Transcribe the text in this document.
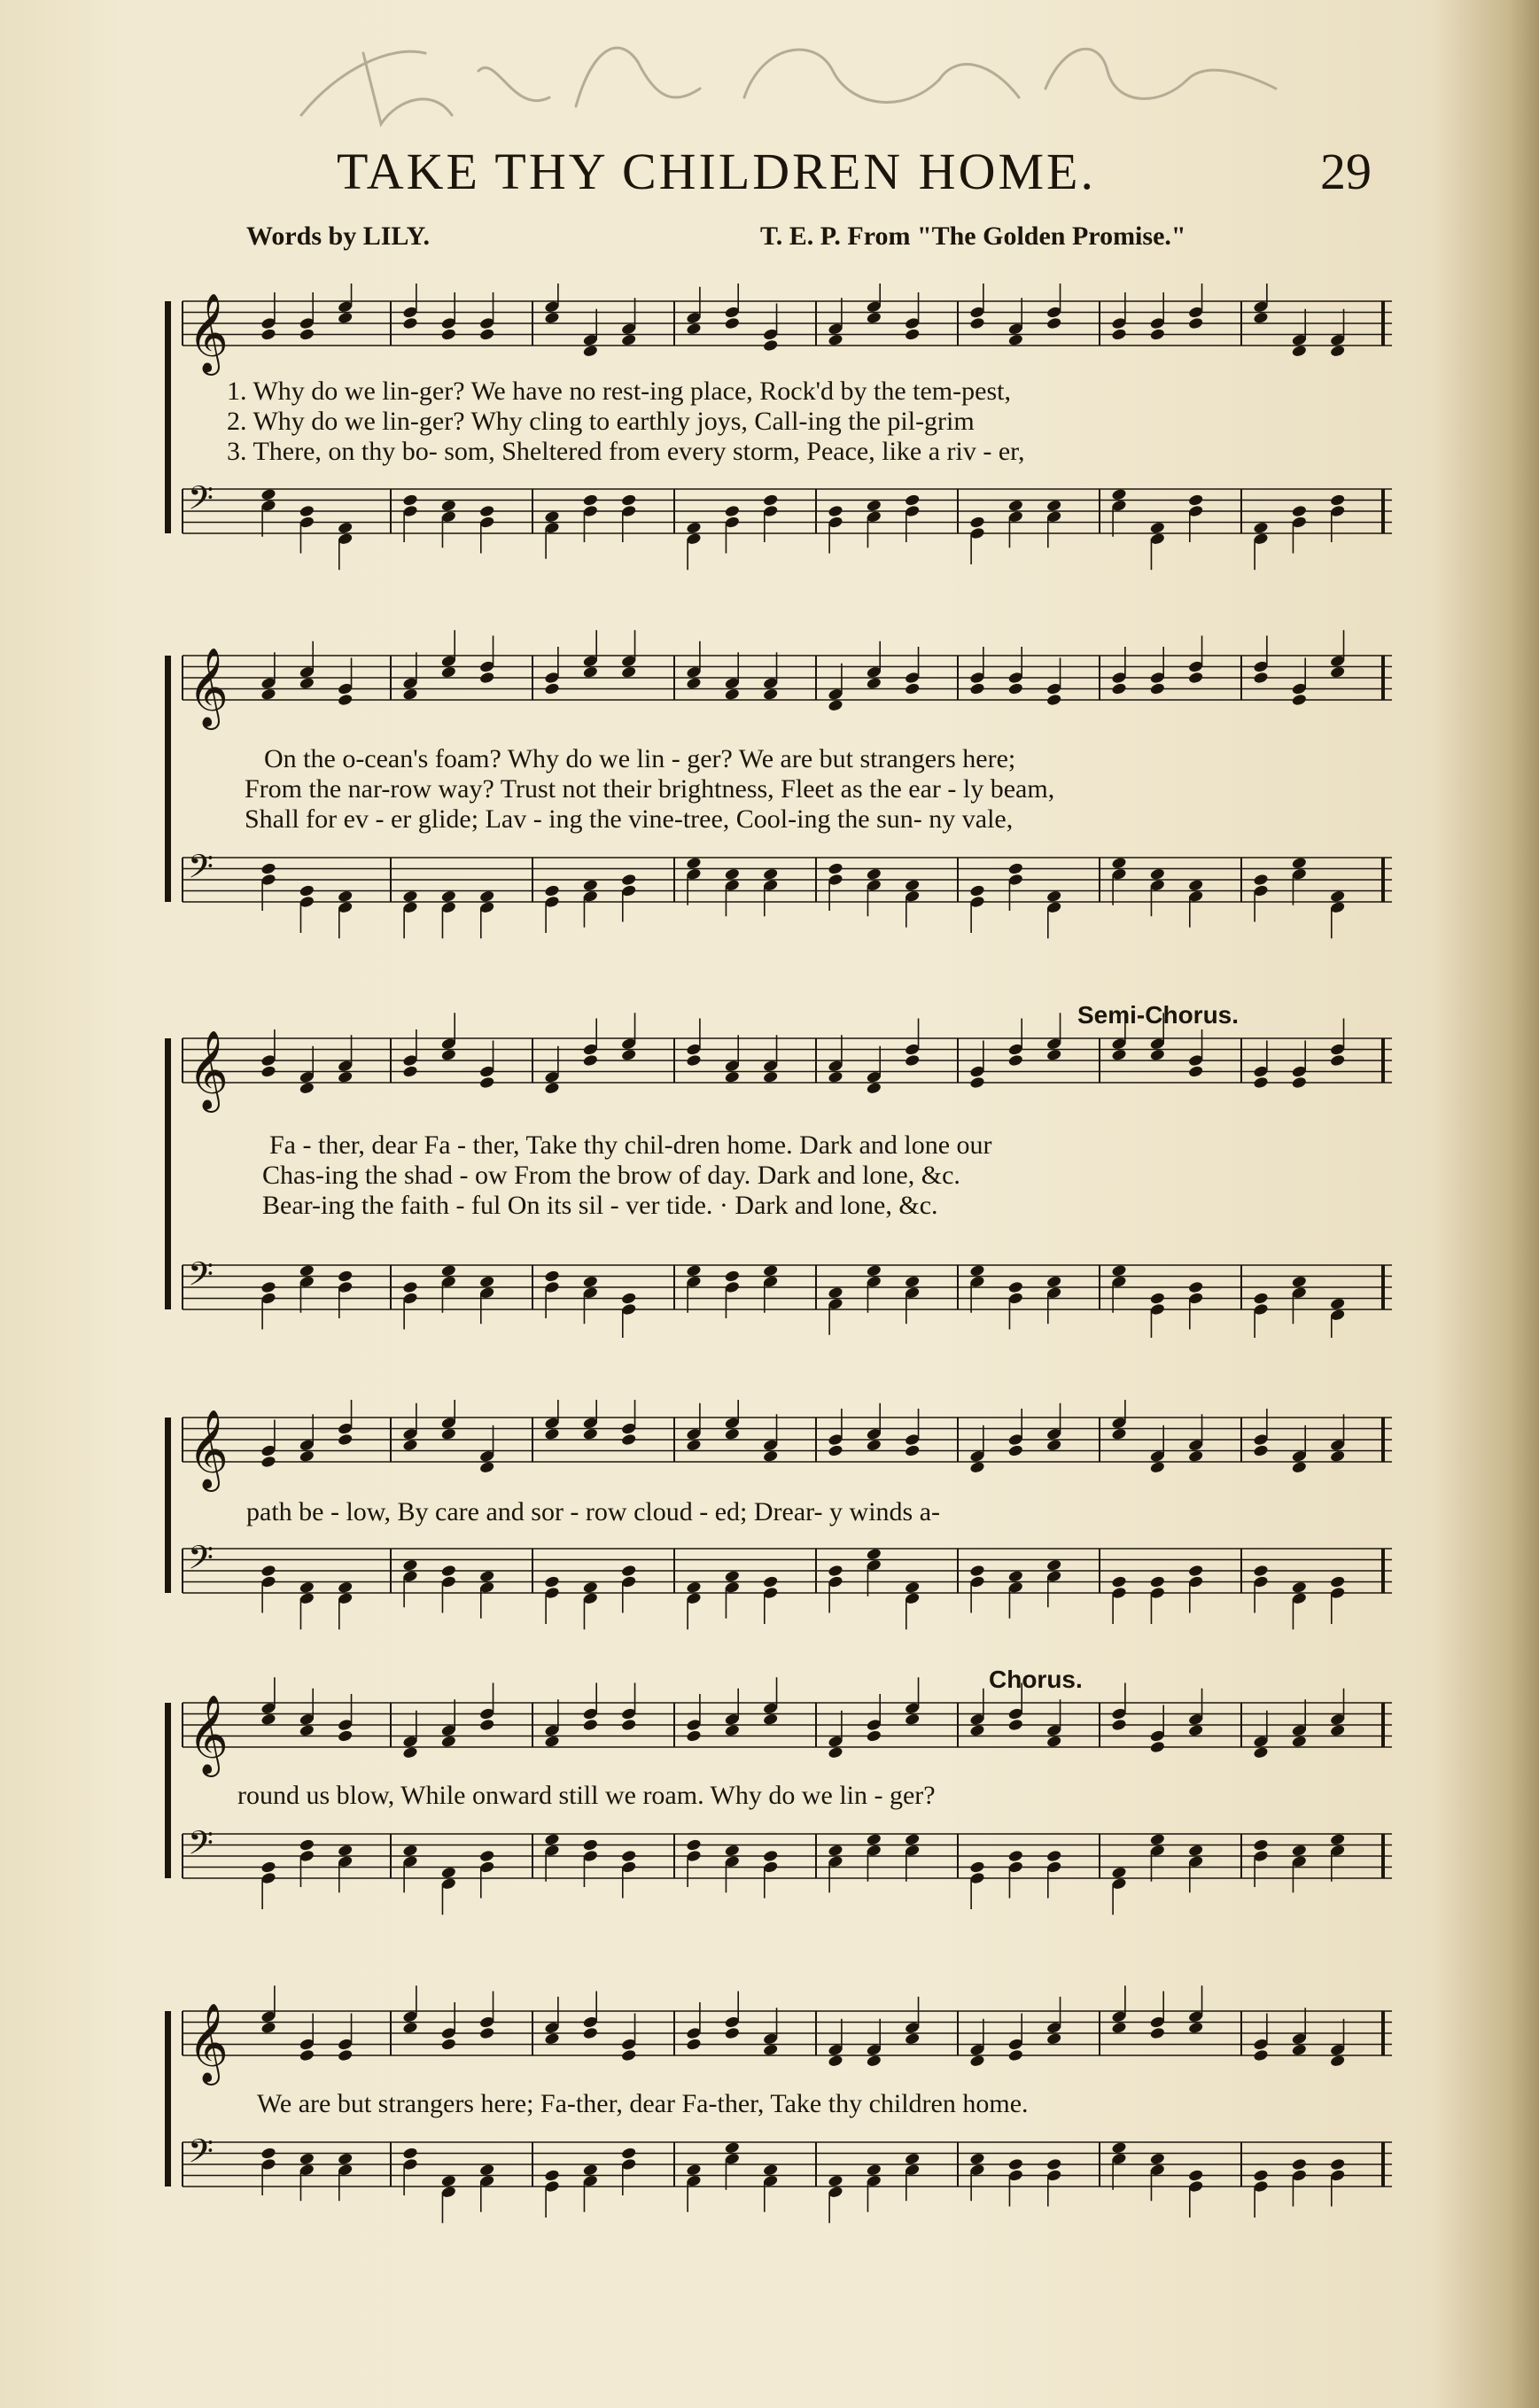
TAKE THY CHILDREN HOME.	29
Words by LILY.	T. E. P. From "The Golden Promise."
𝄞
𝄢
1. Why do we lin-ger? We have no rest-ing place, Rock'd by the tem-pest,
2. Why do we lin-ger? Why cling to earthly joys, Call-ing the pil-grim
3. There, on thy bo- som, Sheltered from every storm, Peace, like a riv - er,
𝄞
𝄢
On the o-cean's foam? Why do we lin - ger? We are but strangers here;
From the nar-row way? Trust not their brightness, Fleet as the ear - ly beam,
Shall for ev - er glide; Lav - ing the vine-tree, Cool-ing the sun- ny vale,
𝄞
𝄢
Semi-Chorus.
Fa - ther, dear Fa - ther, Take thy chil-dren home. Dark and lone our
Chas-ing the shad - ow From the brow of day. Dark and lone, &c.
Bear-ing the faith - ful On its sil - ver tide. · Dark and lone, &c.
𝄞
𝄢
path be - low, By care and sor - row cloud - ed; Drear- y winds a-
𝄞
𝄢
Chorus.
round us blow, While onward still we roam. Why do we lin - ger?
𝄞
𝄢
We are but strangers here; Fa-ther, dear Fa-ther, Take thy children home.
